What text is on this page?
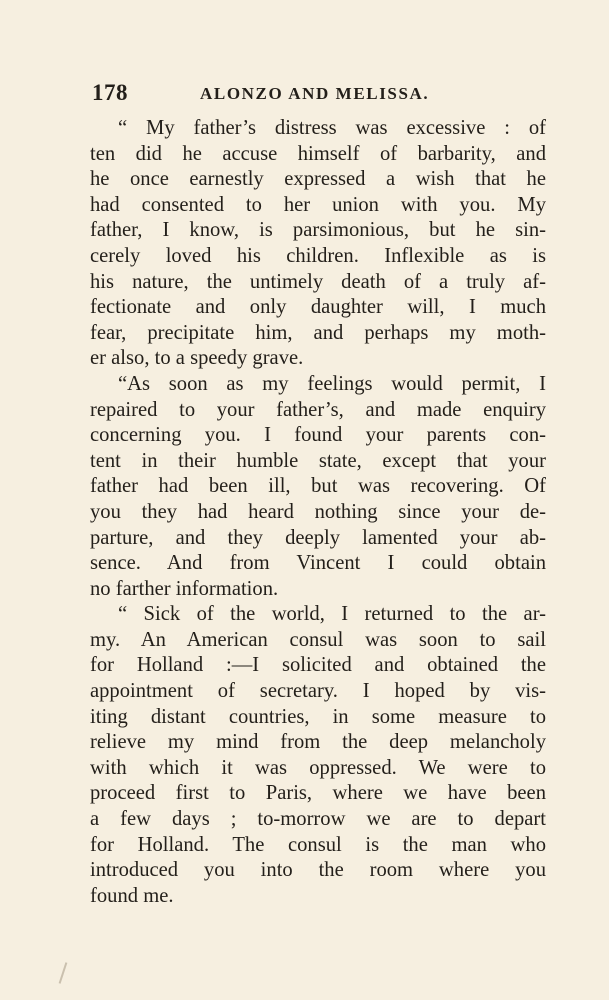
178	ALONZO AND MELISSA.
“ My father’s distress was excessive : of
ten did he accuse himself of barbarity, and
he once earnestly expressed a wish that he
had consented to her union with you. My
father, I know, is parsimonious, but he sin-
cerely loved his children. Inflexible as is
his nature, the untimely death of a truly af-
fectionate and only daughter will, I much
fear, precipitate him, and perhaps my moth-
er also, to a speedy grave.
“As soon as my feelings would permit, I
repaired to your father’s, and made enquiry
concerning you. I found your parents con-
tent in their humble state, except that your
father had been ill, but was recovering. Of
you they had heard nothing since your de-
parture, and they deeply lamented your ab-
sence. And from Vincent I could obtain
no farther information.
“ Sick of the world, I returned to the ar-
my. An American consul was soon to sail
for Holland :—I solicited and obtained the
appointment of secretary. I hoped by vis-
iting distant countries, in some measure to
relieve my mind from the deep melancholy
with which it was oppressed. We were to
proceed first to Paris, where we have been
a few days ; to-morrow we are to depart
for Holland. The consul is the man who
introduced you into the room where you
found me.
